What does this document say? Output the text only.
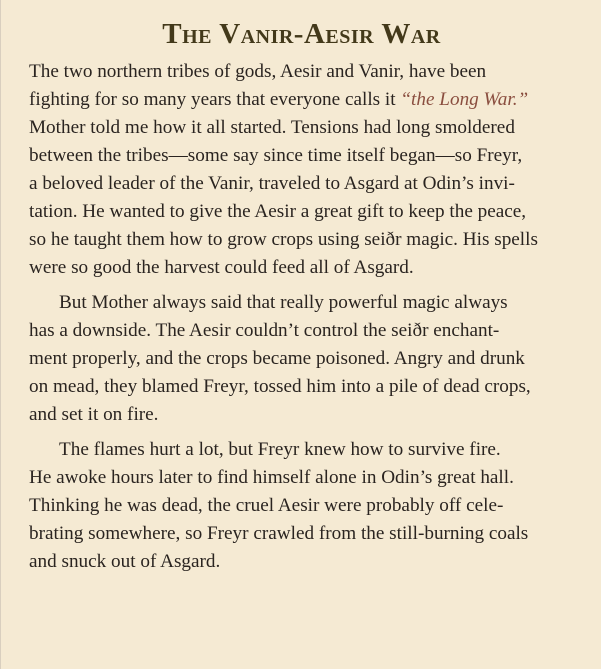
The Vanir-Aesir War
The two northern tribes of gods, Aesir and Vanir, have been
fighting for so many years that everyone calls it “the Long War.”
Mother told me how it all started. Tensions had long smoldered
between the tribes—some say since time itself began—so Freyr,
a beloved leader of the Vanir, traveled to Asgard at Odin’s invi-
tation. He wanted to give the Aesir a great gift to keep the peace,
so he taught them how to grow crops using seiðr magic. His spells
were so good the harvest could feed all of Asgard.
But Mother always said that really powerful magic always
has a downside. The Aesir couldn’t control the seiðr enchant-
ment properly, and the crops became poisoned. Angry and drunk
on mead, they blamed Freyr, tossed him into a pile of dead crops,
and set it on fire.
The flames hurt a lot, but Freyr knew how to survive fire.
He awoke hours later to find himself alone in Odin’s great hall.
Thinking he was dead, the cruel Aesir were probably off cele-
brating somewhere, so Freyr crawled from the still-burning coals
and snuck out of Asgard.
